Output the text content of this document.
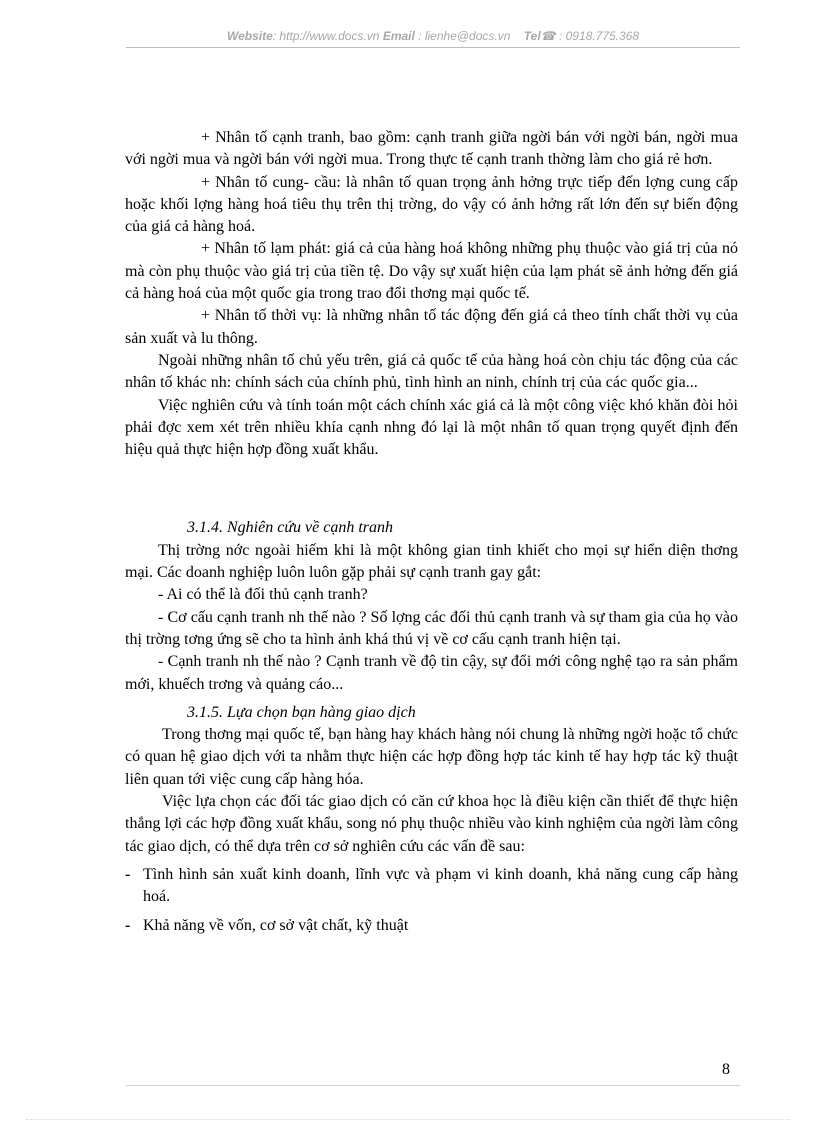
Website: http://www.docs.vn Email : lienhe@docs.vn Tel☎ : 0918.775.368

+ Nhân tố cạnh tranh, bao gồm: cạnh tranh giữa ngời bán với ngời bán, ngời mua với ngời mua và ngời bán với ngời mua. Trong thực tế cạnh tranh thờng làm cho giá rẻ hơn.

+ Nhân tố cung- cầu: là nhân tố quan trọng ảnh hởng trực tiếp đến lợng cung cấp hoặc khối lợng hàng hoá tiêu thụ trên thị trờng, do vậy có ảnh hởng rất lớn đến sự biến động của giá cả hàng hoá.

+ Nhân tố lạm phát: giá cả của hàng hoá không những phụ thuộc vào giá trị của nó mà còn phụ thuộc vào giá trị của tiền tệ. Do vậy sự xuất hiện của lạm phát sẽ ảnh hởng đến giá cả hàng hoá của một quốc gia trong trao đổi thơng mại quốc tế.

+ Nhân tố thời vụ: là những nhân tố tác động đến giá cả theo tính chất thời vụ của sản xuất và lu thông.

Ngoài những nhân tố chủ yếu trên, giá cả quốc tế của hàng hoá còn chịu tác động của các nhân tố khác nh: chính sách của chính phủ, tình hình an ninh, chính trị của các quốc gia...

Việc nghiên cứu và tính toán một cách chính xác giá cả là một công việc khó khăn đòi hỏi phải đợc xem xét trên nhiều khía cạnh nhng đó lại là một nhân tố quan trọng quyết định đến hiệu quả thực hiện hợp đồng xuất khẩu.

3.1.4. Nghiên cứu về cạnh tranh

Thị trờng nớc ngoài hiếm khi là một không gian tinh khiết cho mọi sự hiển diện thơng mại. Các doanh nghiệp luôn luôn gặp phải sự cạnh tranh gay gắt:

- Ai có thể là đối thủ cạnh tranh?

- Cơ cấu cạnh tranh nh thế nào ? Số lợng các đối thủ cạnh tranh và sự tham gia của họ vào thị trờng tơng ứng sẽ cho ta hình ảnh khá thú vị về cơ cấu cạnh tranh hiện tại.

- Cạnh tranh nh thế nào ? Cạnh tranh về độ tin cậy, sự đổi mới công nghệ tạo ra sản phẩm mới, khuếch trơng và quảng cáo...

3.1.5. Lựa chọn bạn hàng giao dịch

Trong thơng mại quốc tế, bạn hàng hay khách hàng nói chung là những ngời hoặc tổ chức có quan hệ giao dịch với ta nhằm thực hiện các hợp đồng hợp tác kinh tế hay hợp tác kỹ thuật liên quan tới việc cung cấp hàng hóa.

Việc lựa chọn các đối tác giao dịch có căn cứ khoa học là điều kiện cần thiết để thực hiện thắng lợi các hợp đồng xuất khẩu, song nó phụ thuộc nhiều vào kinh nghiệm của ngời làm công tác giao dịch, có thể dựa trên cơ sở nghiên cứu các vấn đề sau:

- Tình hình sản xuất kinh doanh, lĩnh vực và phạm vi kinh doanh, khả năng cung cấp hàng hoá.
- Khả năng về vốn, cơ sở vật chất, kỹ thuật
8
